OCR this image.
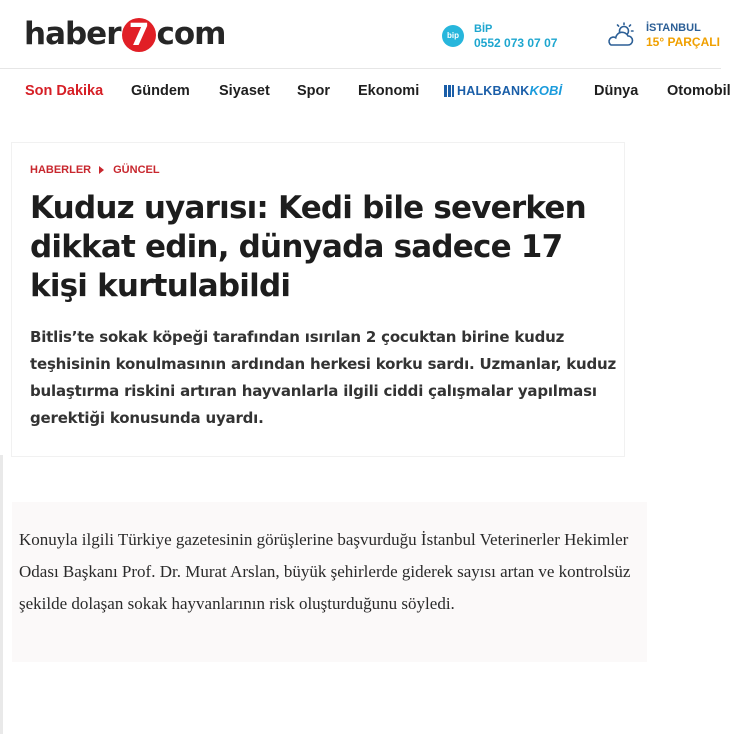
haber 7 com	bip
BİP
0552 073 07 07
İSTANBUL
15° PARÇALI
Son Dakika Gündem Siyaset Spor Ekonomi	HALKBANK KOBİ Dünya Otomobil
HABERLER GÜNCEL
Kuduz uyarısı: Kedi bile severken dikkat edin, dünyada sadece 17 kişi kurtulabildi

Bitlis’te sokak köpeği tarafından ısırılan 2 çocuktan birine kuduz teşhisinin konulmasının ardından herkesi korku sardı. Uzmanlar, kuduz bulaştırma riskini artıran hayvanlarla ilgili ciddi çalışmalar yapılması gerektiği konusunda uyardı.

Konuyla ilgili Türkiye gazetesinin görüşlerine başvurduğu İstanbul Veterinerler Hekimler Odası Başkanı Prof. Dr. Murat Arslan, büyük şehirlerde giderek sayısı artan ve kontrolsüz şekilde dolaşan sokak hayvanlarının risk oluşturduğunu söyledi.
